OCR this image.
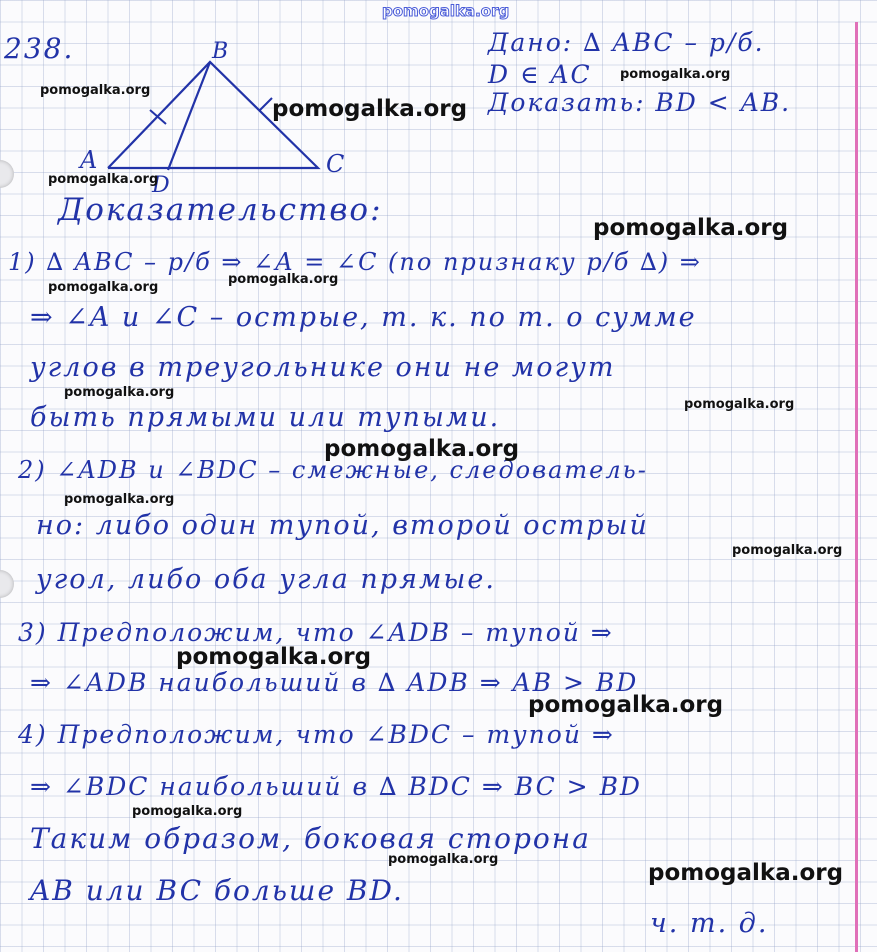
pomogalka.org
238.
A
B
C
D
Дано: ∆ ABC – р/б.
D ∈ AC
Доказать: BD < AB.
Доказательство:
1) ∆ ABC – р/б ⇒ ∠A = ∠C (по признаку р/б ∆) ⇒
⇒ ∠A и ∠C – острые, т. к. по т. о сумме
углов в треугольнике они не могут
быть прямыми или тупыми.
2) ∠ADB и ∠BDC – смежные, следователь-
но: либо один тупой, второй острый
угол, либо оба угла прямые.
3) Предположим, что ∠ADB – тупой ⇒
⇒ ∠ADB наибольший в ∆ ADB ⇒ AB > BD
4) Предположим, что ∠BDC – тупой ⇒
⇒ ∠BDC наибольший в ∆ BDC ⇒ BC > BD
Таким образом, боковая сторона
AB или BC больше BD.
ч. т. д.
pomogalka.org
pomogalka.org
pomogalka.org
pomogalka.org
pomogalka.org
pomogalka.org
pomogalka.org
pomogalka.org
pomogalka.org
pomogalka.org
pomogalka.org
pomogalka.org
pomogalka.org
pomogalka.org
pomogalka.org
pomogalka.org
pomogalka.org
